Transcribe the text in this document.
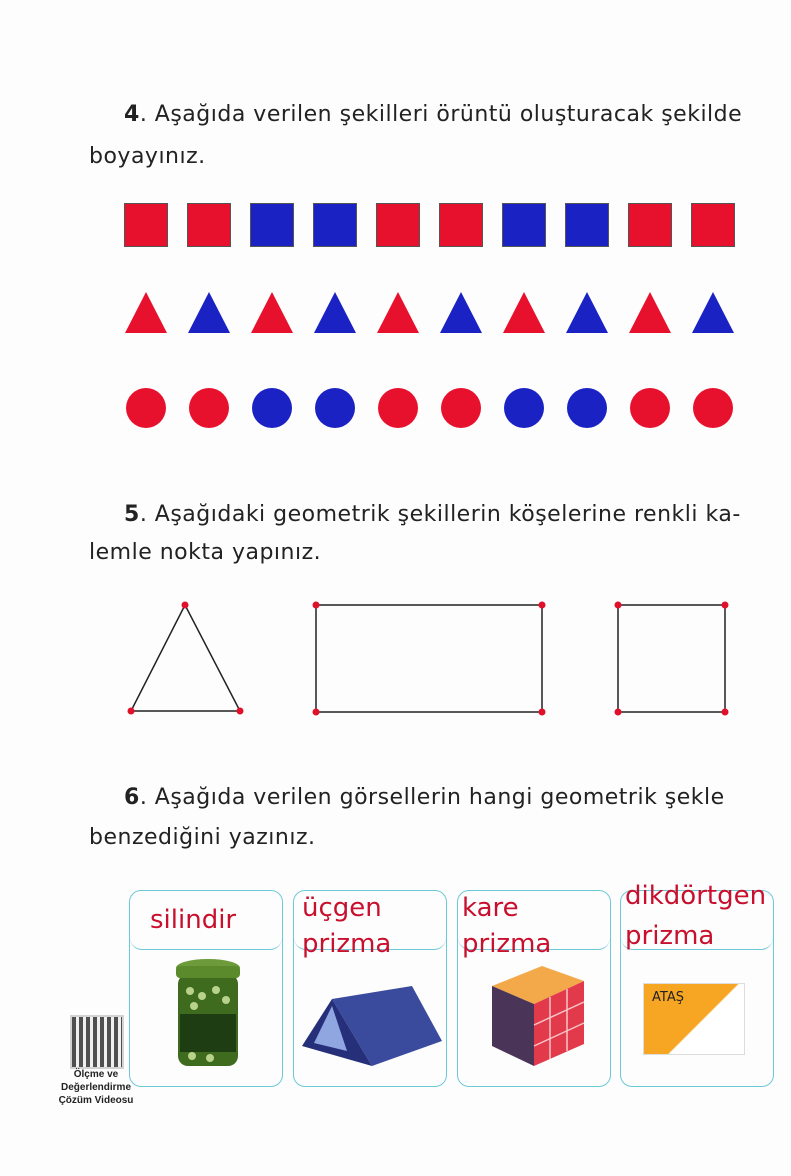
4. Aşağıda verilen şekilleri örüntü oluşturacak şekilde
boyayınız.
5. Aşağıdaki geometrik şekillerin köşelerine renkli ka-
lemle nokta yapınız.
6. Aşağıda verilen görsellerin hangi geometrik şekle
benzediğini yazınız.
silindir	üçgen
prizma
kare
prizma
dikdörtgen
prizma
ATAŞ
Ölçme ve
Değerlendirme
Çözüm Videosu
